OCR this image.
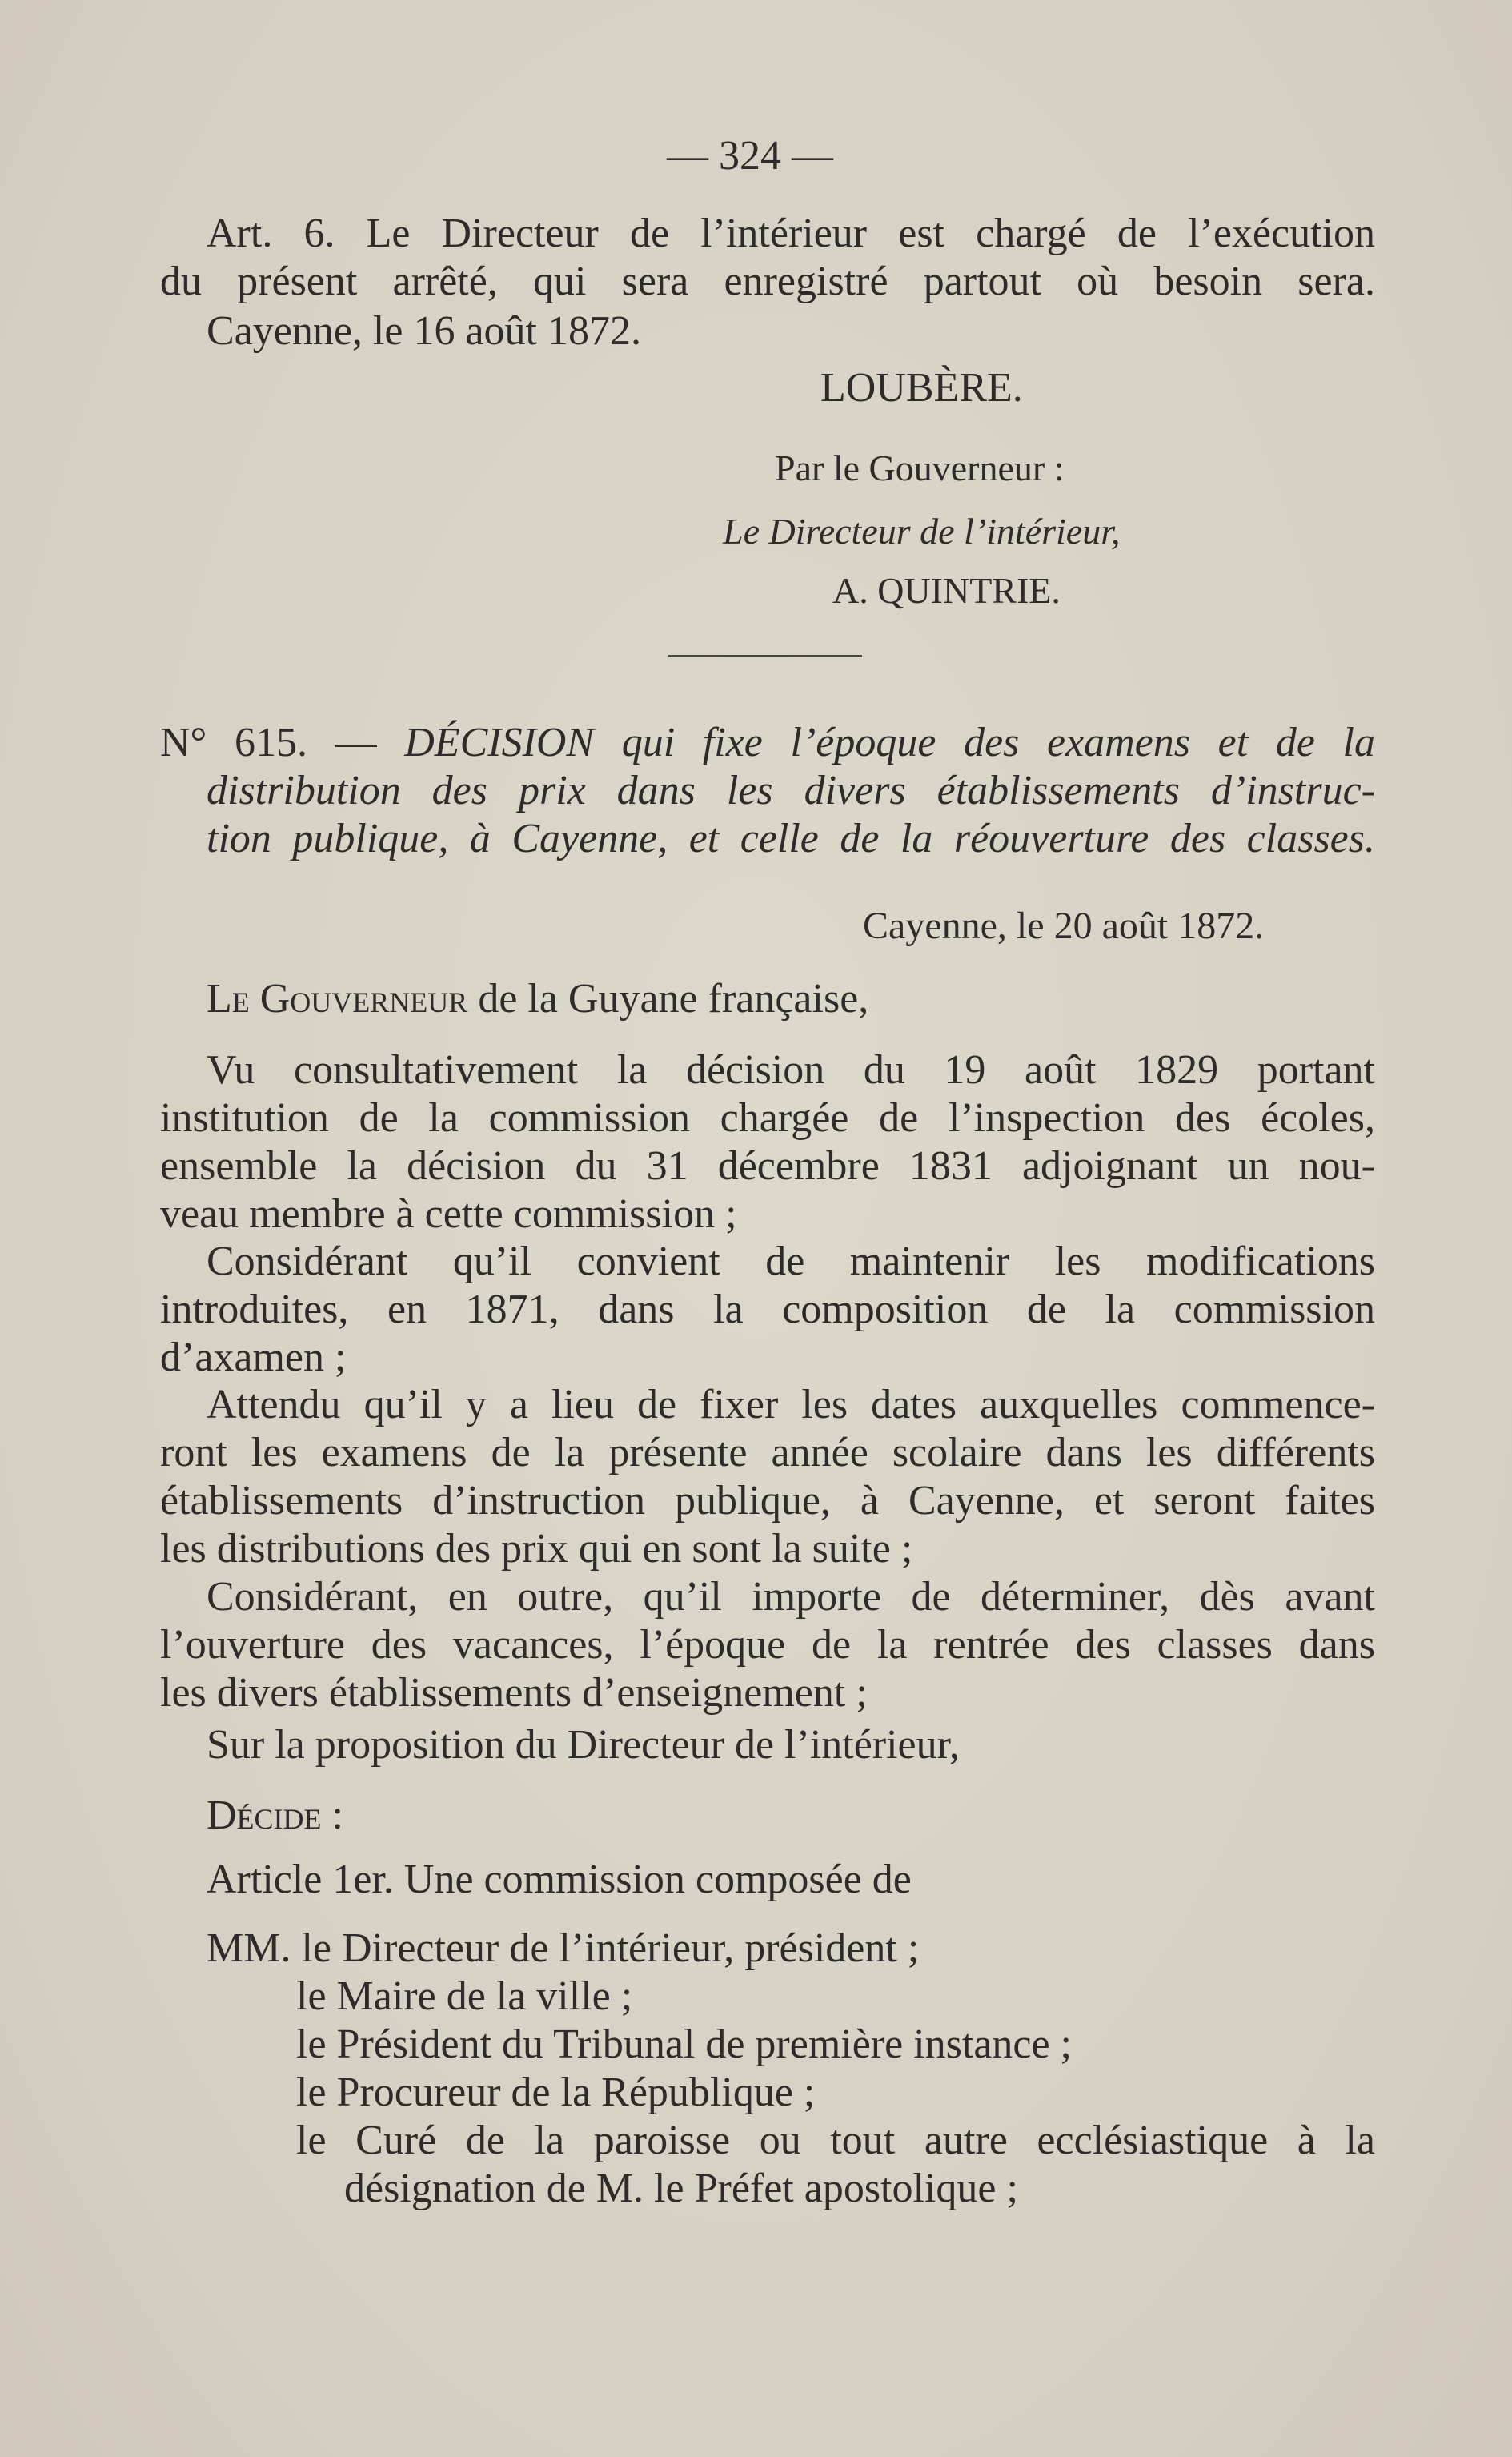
— 324 —
Art. 6. Le Directeur de l’intérieur est chargé de l’exécution
du présent arrêté, qui sera enregistré partout où besoin sera.
Cayenne, le 16 août 1872.
LOUBÈRE.
Par le Gouverneur :
Le Directeur de l’intérieur,
A. QUINTRIE.
N° 615. — DÉCISION qui fixe l’époque des examens et de la
distribution des prix dans les divers établissements d’instruc-
tion publique, à Cayenne, et celle de la réouverture des classes.
Cayenne, le 20 août 1872.
Le Gouverneur de la Guyane française,
Vu consultativement la décision du 19 août 1829 portant
institution de la commission chargée de l’inspection des écoles,
ensemble la décision du 31 décembre 1831 adjoignant un nou-
veau membre à cette commission ;
Considérant qu’il convient de maintenir les modifications
introduites, en 1871, dans la composition de la commission
d’axamen ;
Attendu qu’il y a lieu de fixer les dates auxquelles commence-
ront les examens de la présente année scolaire dans les différents
établissements d’instruction publique, à Cayenne, et seront faites
les distributions des prix qui en sont la suite ;
Considérant, en outre, qu’il importe de déterminer, dès avant
l’ouverture des vacances, l’époque de la rentrée des classes dans
les divers établissements d’enseignement ;
Sur la proposition du Directeur de l’intérieur,
Décide :
Article 1er. Une commission composée de
MM. le Directeur de l’intérieur, président ;
le Maire de la ville ;
le Président du Tribunal de première instance ;
le Procureur de la République ;
le Curé de la paroisse ou tout autre ecclésiastique à la
désignation de M. le Préfet apostolique ;
